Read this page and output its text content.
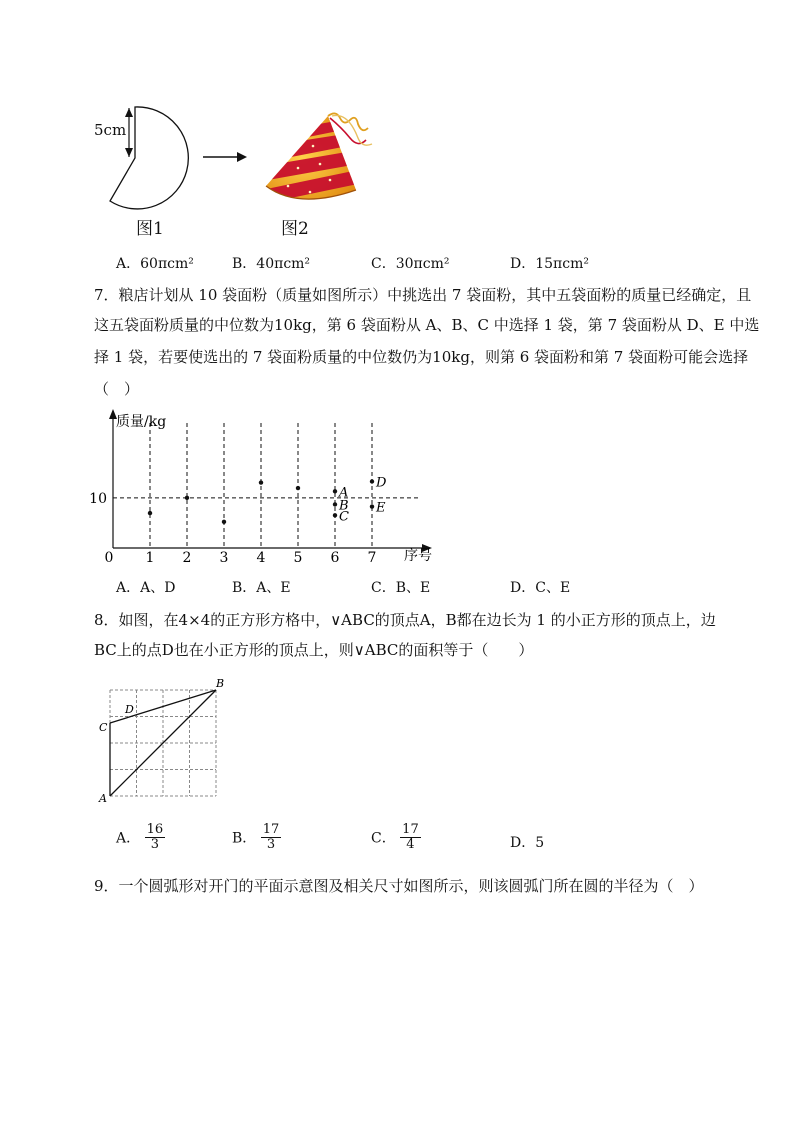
5cm
图1	图2
A．60πcm²	B．40πcm²	C．30πcm²	D．15πcm²
7．粮店计划从 10 袋面粉（质量如图所示）中挑选出 7 袋面粉，其中五袋面粉的质量已经确定，且
这五袋面粉质量的中位数为10kg，第 6 袋面粉从 A、B、C 中选择 1 袋，第 7 袋面粉从 D、E 中选
择 1 袋，若要使选出的 7 袋面粉质量的中位数仍为10kg，则第 6 袋面粉和第 7 袋面粉可能会选择
（　）
质量/kg
序号
0 1 2 3 4 5 6 7
10	A
B
C
D
E
A．A、D	B．A、E	C．B、E	D．C、E
8．如图，在4×4的正方形方格中，∨ABC的顶点A，B都在边长为 1 的小正方形的顶点上，边
BC上的点D也在小正方形的顶点上，则∨ABC的面积等于（　　）
A
B
C
D
A． $\frac{16}{3}$	B． $\frac{17}{3}$	C． $\frac{17}{4}$	D．5
9．一个圆弧形对开门的平面示意图及相关尺寸如图所示，则该圆弧门所在圆的半径为（　）
